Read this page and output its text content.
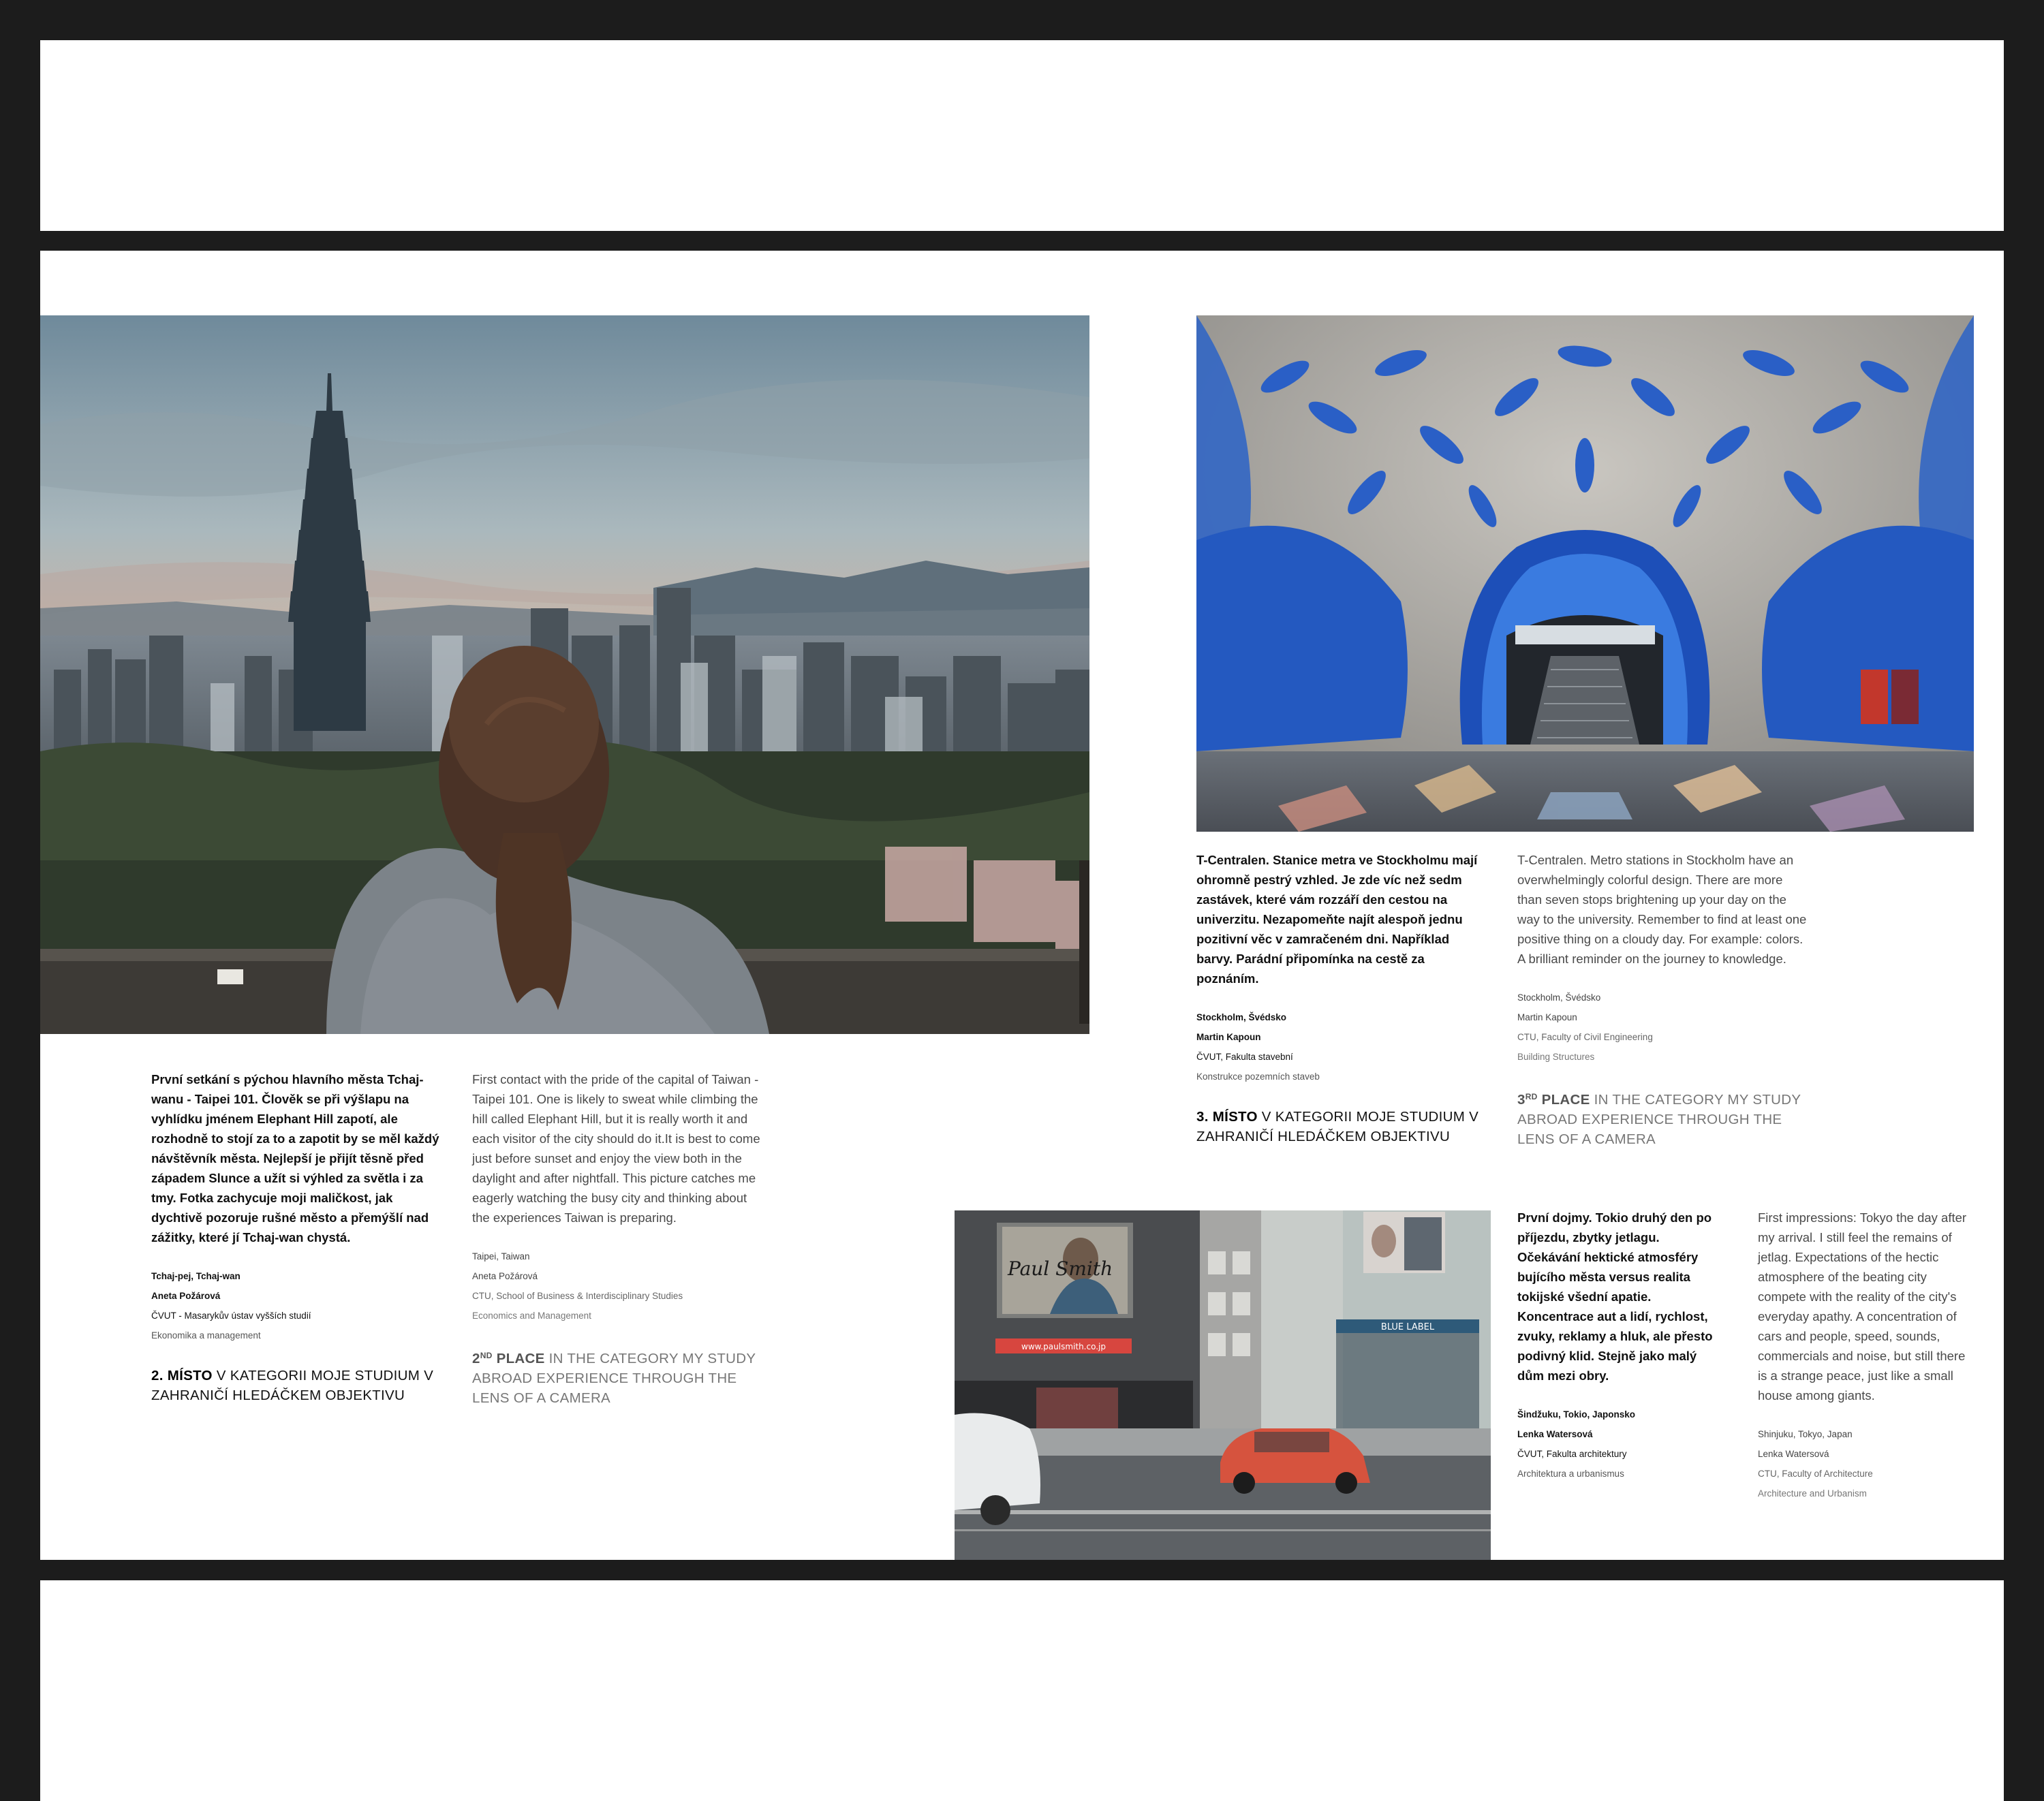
První setkání s pýchou hlavního města Tchaj-wanu - Taipei 101. Člověk se při výšlapu na vyhlídku jménem Elephant Hill zapotí, ale rozhodně to stojí za to a zapotit by se měl každý návštěvník města. Nejlepší je přijít těsně před západem Slunce a užít si výhled za světla i za tmy. Fotka zachycuje moji maličkost, jak dychtivě pozoruje rušné město a přemýšlí nad zážitky, které jí Tchaj-wan chystá.

Tchaj-pej, Tchaj-wan
Aneta Požárová
ČVUT - Masarykův ústav vyšších studií
Ekonomika a management
2. MÍSTO V KATEGORII MOJE STUDIUM V ZAHRANIČÍ HLEDÁČKEM OBJEKTIVU

First contact with the pride of the capital of Taiwan - Taipei 101. One is likely to sweat while climbing the hill called Elephant Hill, but it is really worth it and each visitor of the city should do it.It is best to come just before sunset and enjoy the view both in the daylight and after nightfall. This picture catches me eagerly watching the busy city and thinking about the experiences Taiwan is preparing.

Taipei, Taiwan
Aneta Požárová
CTU, School of Business & Interdisciplinary Studies
Economics and Management
2ND PLACE IN THE CATEGORY MY STUDY ABROAD EXPERIENCE THROUGH THE LENS OF A CAMERA

T-Centralen. Stanice metra ve Stockholmu mají ohromně pestrý vzhled. Je zde víc než sedm zastávek, které vám rozzáří den cestou na univerzitu. Nezapomeňte najít alespoň jednu pozitivní věc v zamračeném dni. Například barvy. Parádní připomínka na cestě za poznáním.

Stockholm, Švédsko
Martin Kapoun
ČVUT, Fakulta stavební
Konstrukce pozemních staveb
3. MÍSTO V KATEGORII MOJE STUDIUM V ZAHRANIČÍ HLEDÁČKEM OBJEKTIVU

T-Centralen. Metro stations in Stockholm have an overwhelmingly colorful design. There are more than seven stops brightening up your day on the way to the university. Remember to find at least one positive thing on a cloudy day. For example: colors. A brilliant reminder on the journey to knowledge.

Stockholm, Švédsko
Martin Kapoun
CTU, Faculty of Civil Engineering
Building Structures
3RD PLACE IN THE CATEGORY MY STUDY ABROAD EXPERIENCE THROUGH THE LENS OF A CAMERA
Paul Smith
www.paulsmith.co.jp
BLUE LABEL

První dojmy. Tokio druhý den po příjezdu, zbytky jetlagu. Očekávání hektické atmosféry bujícího města versus realita tokijské všední apatie. Koncentrace aut a lidí, rychlost, zvuky, reklamy a hluk, ale přesto podivný klid. Stejně jako malý dům mezi obry.

Šindžuku, Tokio, Japonsko
Lenka Watersová
ČVUT, Fakulta architektury
Architektura a urbanismus

First impressions: Tokyo the day after my arrival. I still feel the remains of jetlag. Expectations of the hectic atmosphere of the beating city compete with the reality of the city's everyday apathy. A concentration of cars and people, speed, sounds, commercials and noise, but still there is a strange peace, just like a small house among giants.

Shinjuku, Tokyo, Japan
Lenka Watersová
CTU, Faculty of Architecture
Architecture and Urbanism
